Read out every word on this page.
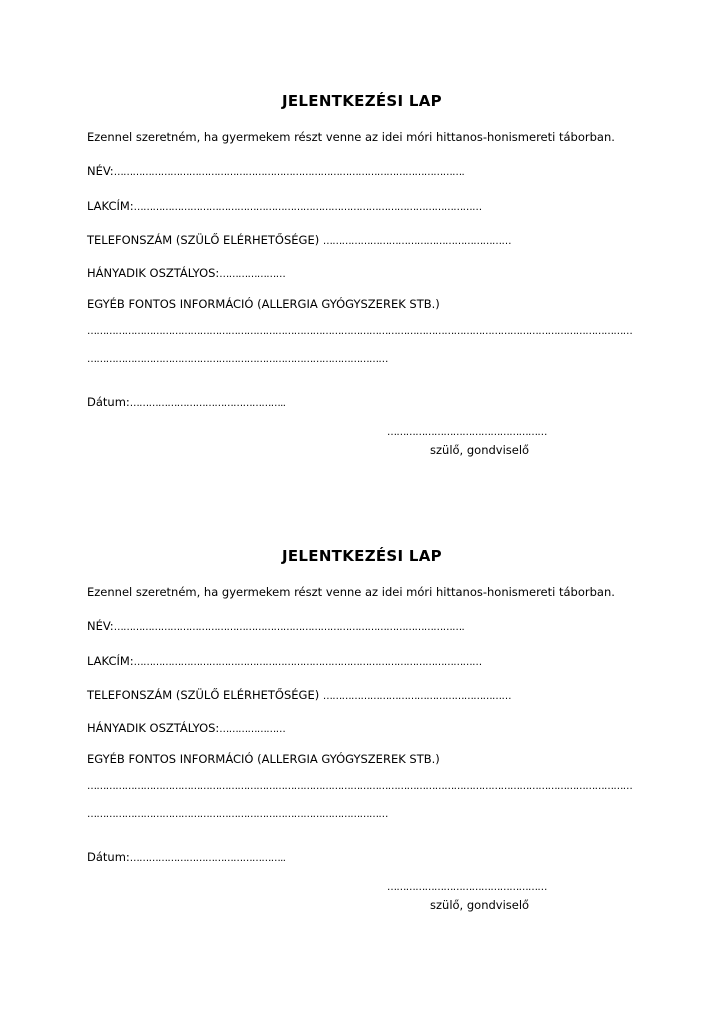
JELENTKEZÉSI LAP
Ezennel szeretném, ha gyermekem részt venne az idei móri hittanos-honismereti táborban.
NÉV:………………………………………………………………………………………………….
LAKCÍM:…………………………………………………………………………………………………
TELEFONSZÁM (SZÜLŐ ELÉRHETŐSÉGE) ……………………………………………………
HÁNYADIK OSZTÁLYOS:…………………
EGYÉB FONTOS INFORMÁCIÓ (ALLERGIA GYÓGYSZEREK STB.)
…………………………………………………………………………………………………………………………………………………………
……………………………………………………………………………………
Dátum:…………………………………………..
……………………………………………
szülő, gondviselő
JELENTKEZÉSI LAP
Ezennel szeretném, ha gyermekem részt venne az idei móri hittanos-honismereti táborban.
NÉV:………………………………………………………………………………………………….
LAKCÍM:…………………………………………………………………………………………………
TELEFONSZÁM (SZÜLŐ ELÉRHETŐSÉGE) ……………………………………………………
HÁNYADIK OSZTÁLYOS:…………………
EGYÉB FONTOS INFORMÁCIÓ (ALLERGIA GYÓGYSZEREK STB.)
…………………………………………………………………………………………………………………………………………………………
……………………………………………………………………………………
Dátum:…………………………………………..
……………………………………………
szülő, gondviselő
